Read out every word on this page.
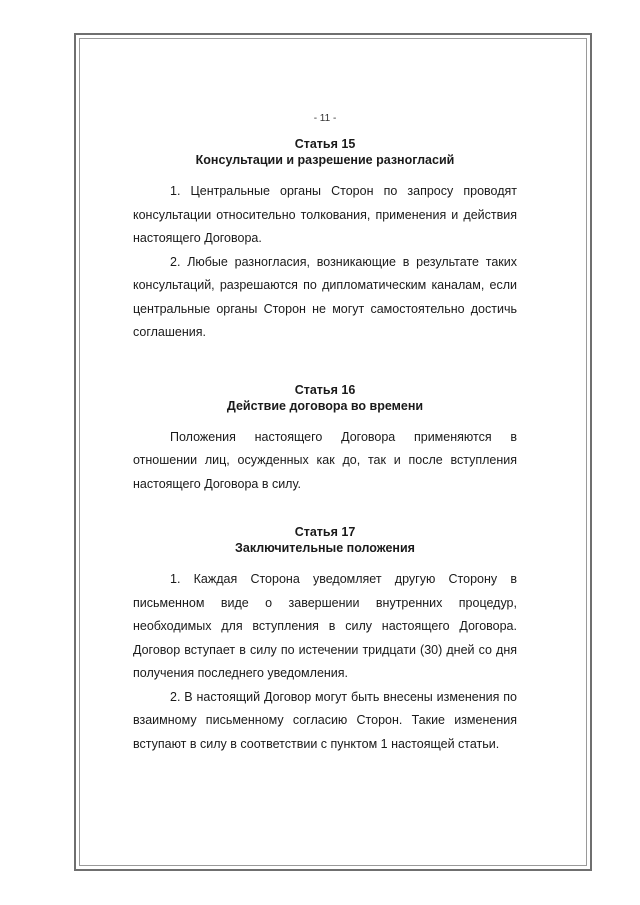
- 11 -
Статья 15
Консультации и разрешение разногласий

1. Центральные органы Сторон по запросу проводят консультации относительно толкования, применения и действия настоящего Договора.

2. Любые разногласия, возникающие в результате таких консультаций, разрешаются по дипломатическим каналам, если центральные органы Сторон не могут самостоятельно достичь соглашения.

Статья 16
Действие договора во времени

Положения настоящего Договора применяются в отношении лиц, осужденных как до, так и после вступления настоящего Договора в силу.

Статья 17
Заключительные положения

1. Каждая Сторона уведомляет другую Сторону в письменном виде о завершении внутренних процедур, необходимых для вступления в силу настоящего Договора. Договор вступает в силу по истечении тридцати (30) дней со дня получения последнего уведомления.

2. В настоящий Договор могут быть внесены изменения по взаимному письменному согласию Сторон. Такие изменения вступают в силу в соответствии с пунктом 1 настоящей статьи.
